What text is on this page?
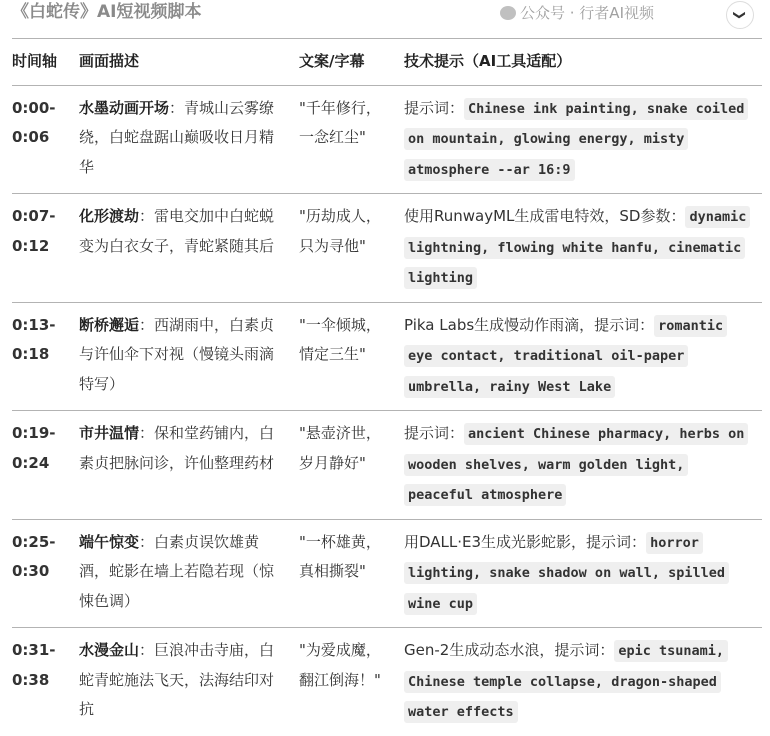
《白蛇传》AI短视频脚本
时间轴	画面描述	文案/字幕	技术提示（AI工具适配）
0:00-0:06	水墨动画开场：青城山云雾缭绕，白蛇盘踞山巅吸收日月精华	"千年修行，一念红尘"	提示词： Chinese ink painting, snake coiled on mountain, glowing energy, misty atmosphere --ar 16:9
0:07-0:12	化形渡劫：雷电交加中白蛇蜕变为白衣女子，青蛇紧随其后	"历劫成人，只为寻他"	使用RunwayML生成雷电特效，SD参数： dynamic lightning, flowing white hanfu, cinematic lighting
0:13-0:18	断桥邂逅：西湖雨中，白素贞与许仙伞下对视（慢镜头雨滴特写）	"一伞倾城，情定三生"	Pika Labs生成慢动作雨滴，提示词： romantic eye contact, traditional oil-paper umbrella, rainy West Lake
0:19-0:24	市井温情：保和堂药铺内，白素贞把脉问诊，许仙整理药材	"悬壶济世，岁月静好"	提示词： ancient Chinese pharmacy, herbs on wooden shelves, warm golden light, peaceful atmosphere
0:25-0:30	端午惊变：白素贞误饮雄黄酒，蛇影在墙上若隐若现（惊悚色调）	"一杯雄黄，真相撕裂"	用DALL·E3生成光影蛇影，提示词： horror lighting, snake shadow on wall, spilled wine cup
0:31-0:38	水漫金山：巨浪冲击寺庙，白蛇青蛇施法飞天，法海结印对抗	"为爱成魔，翻江倒海！"	Gen-2生成动态水浪，提示词： epic tsunami, Chinese temple collapse, dragon-shaped water effects
公众号 · 行者AI视频	❯
